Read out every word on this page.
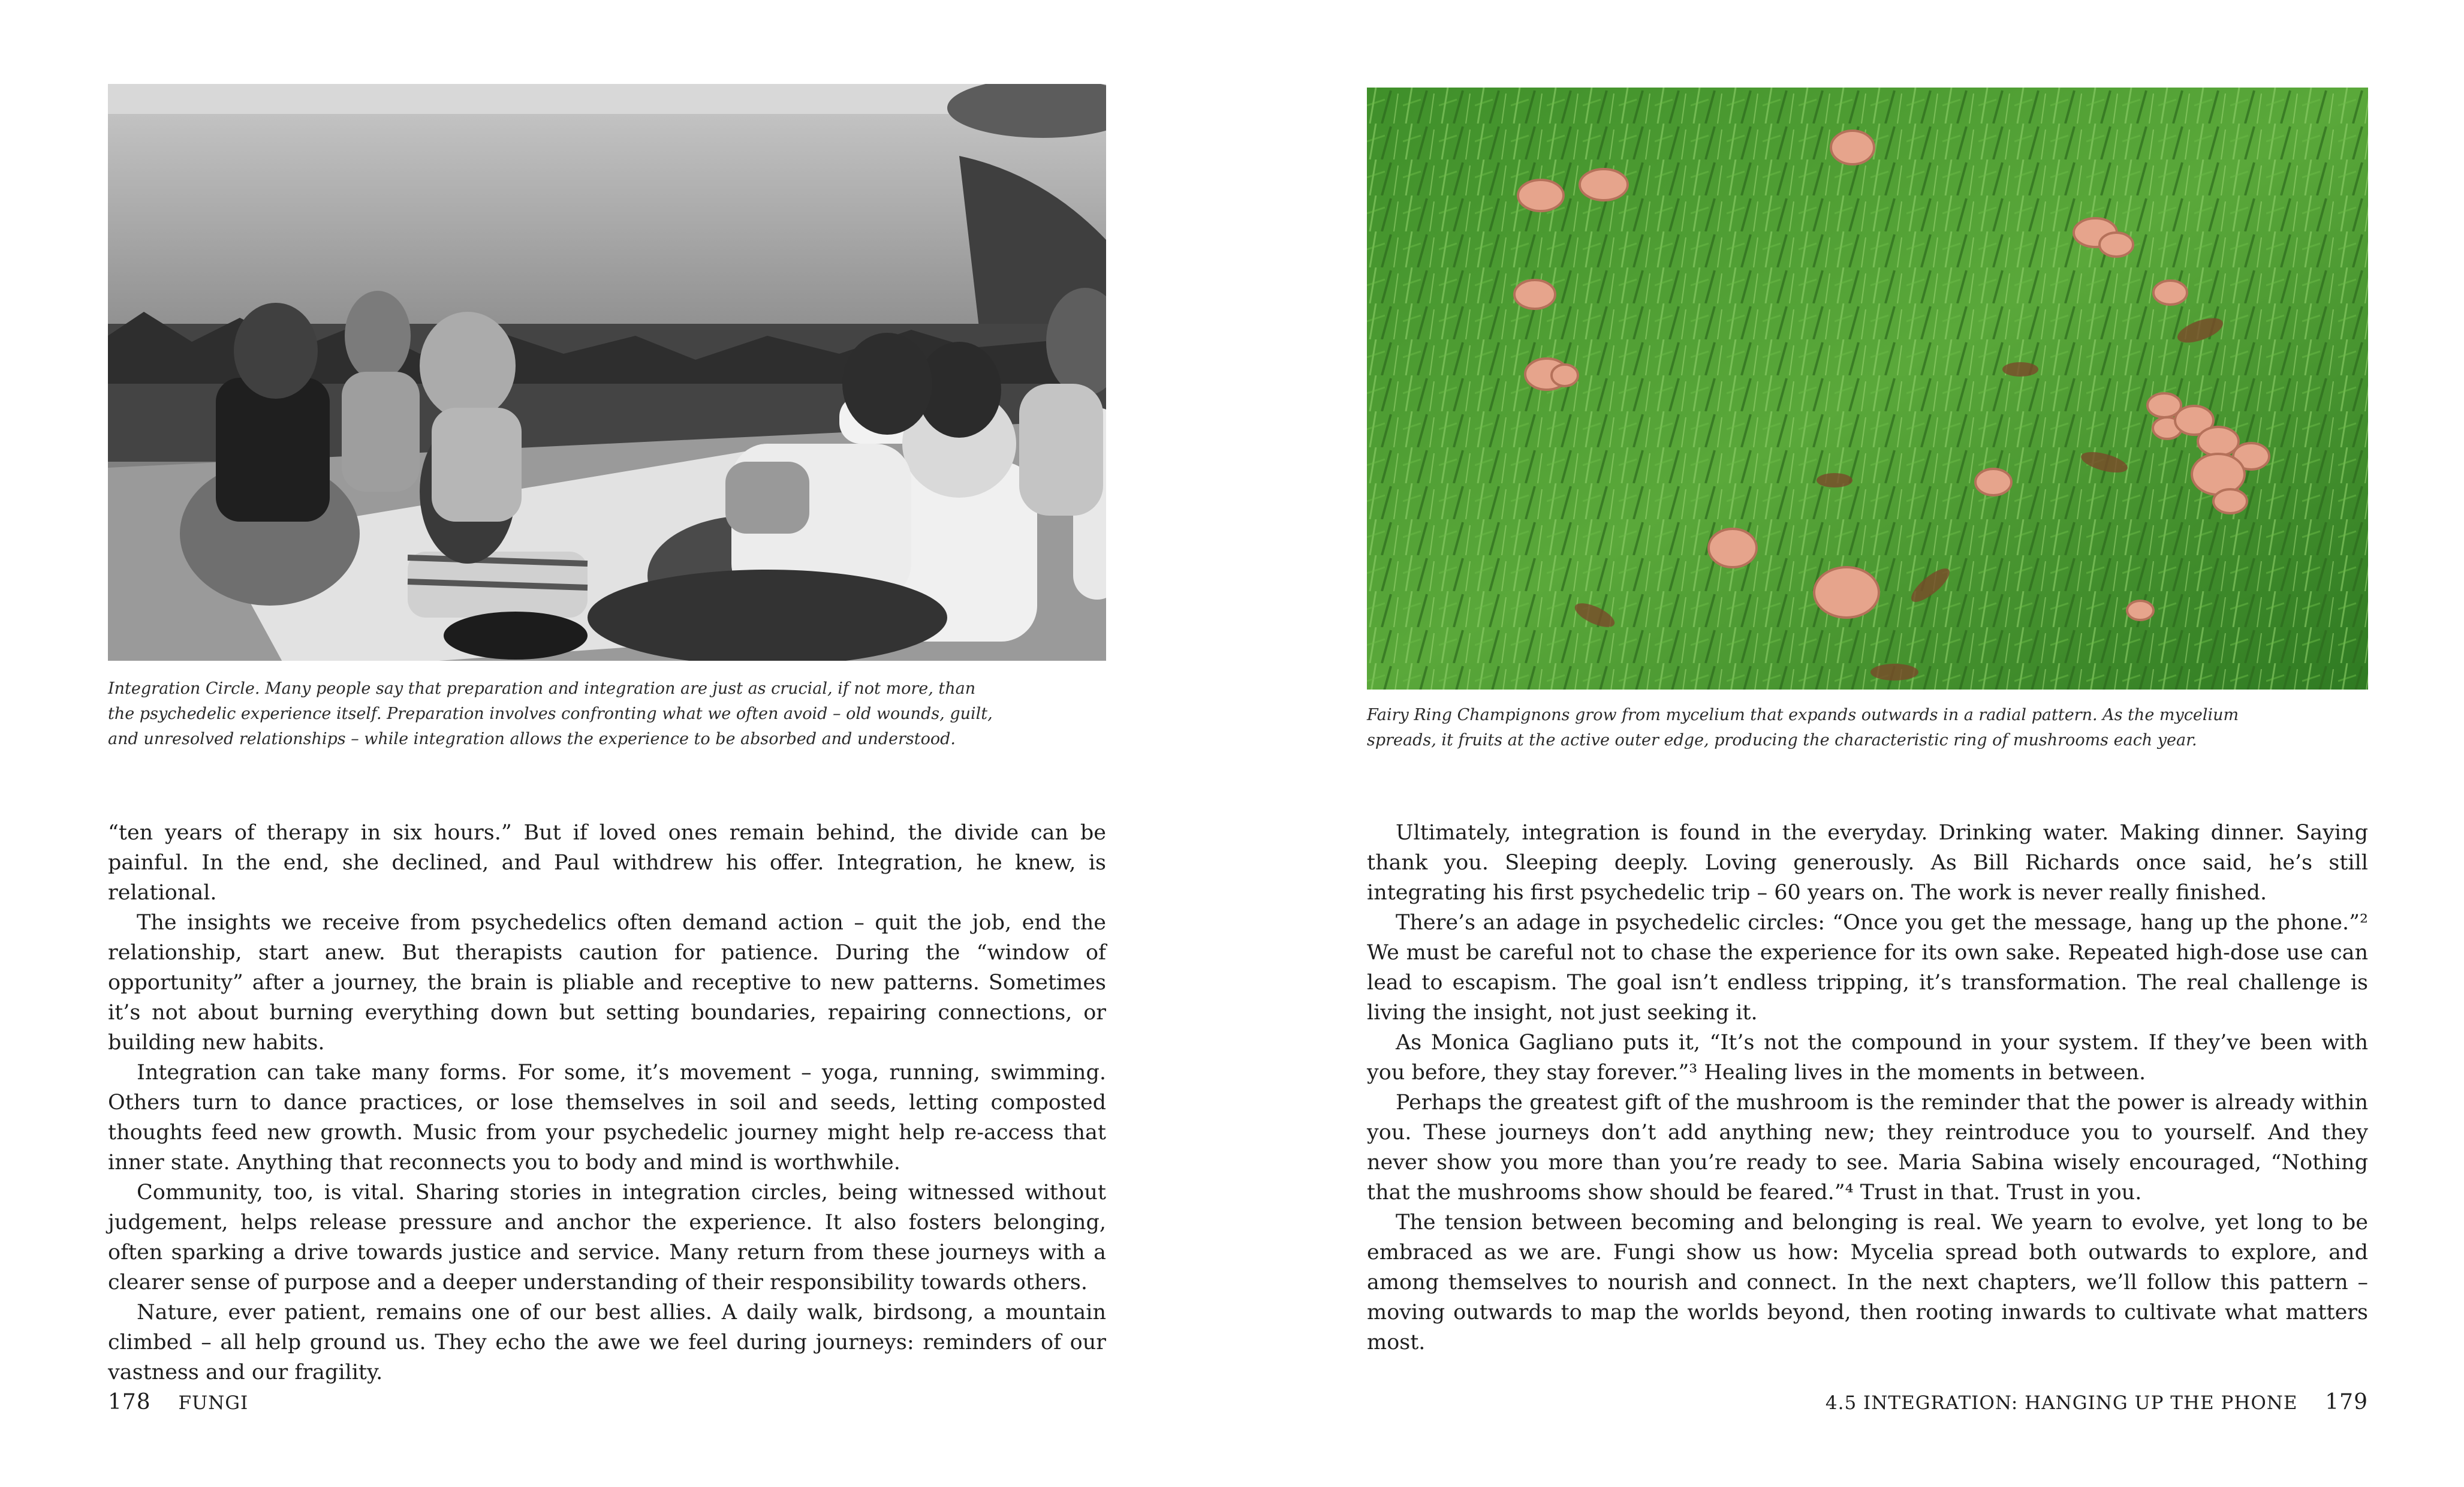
Integration Circle. Many people say that preparation and integration are just as crucial, if not more, than

the psychedelic experience itself. Preparation involves confronting what we often avoid – old wounds, guilt,

and unresolved relationships – while integration allows the experience to be absorbed and understood.

“ten years of therapy in six hours.” But if loved ones remain behind, the divide can be painful. In the end, she declined, and Paul withdrew his offer. Integration, he knew, is relational.

The insights we receive from psychedelics often demand action – quit the job, end the relationship, start anew. But therapists caution for patience. During the “window of opportunity” after a journey, the brain is pliable and receptive to new patterns. Sometimes it’s not about burning everything down but setting boundaries, repairing connections, or building new habits.

Integration can take many forms. For some, it’s movement – yoga, running, swimming. Others turn to dance practices, or lose themselves in soil and seeds, letting composted thoughts feed new growth. Music from your psychedelic journey might help re-access that inner state. Anything that reconnects you to body and mind is worthwhile.

Community, too, is vital. Sharing stories in integration circles, being witnessed without judgement, helps release pressure and anchor the experience. It also fosters belonging, often sparking a drive towards justice and service. Many return from these journeys with a clearer sense of purpose and a deeper understanding of their responsibility towards others.

Nature, ever patient, remains one of our best allies. A daily walk, birdsong, a mountain climbed – all help ground us. They echo the awe we feel during journeys: reminders of our vastness and our fragility.

178 FUNGI

Fairy Ring Champignons grow from mycelium that expands outwards in a radial pattern. As the mycelium

spreads, it fruits at the active outer edge, producing the characteristic ring of mushrooms each year.

Ultimately, integration is found in the everyday. Drinking water. Making dinner. Saying thank you. Sleeping deeply. Loving generously. As Bill Richards once said, he’s still integrating his first psychedelic trip – 60 years on. The work is never really finished.

There’s an adage in psychedelic circles: “Once you get the message, hang up the phone.”² We must be careful not to chase the experience for its own sake. Repeated high-dose use can lead to escapism. The goal isn’t endless tripping, it’s transformation. The real challenge is living the insight, not just seeking it.

As Monica Gagliano puts it, “It’s not the compound in your system. If they’ve been with you before, they stay forever.”³ Healing lives in the moments in between.

Perhaps the greatest gift of the mushroom is the reminder that the power is already within you. These journeys don’t add anything new; they reintroduce you to yourself. And they never show you more than you’re ready to see. Maria Sabina wisely encouraged, “Nothing that the mushrooms show should be feared.”⁴ Trust in that. Trust in you.

The tension between becoming and belonging is real. We yearn to evolve, yet long to be embraced as we are. Fungi show us how: Mycelia spread both outwards to explore, and among themselves to nourish and connect. In the next chapters, we’ll follow this pattern – moving outwards to map the worlds beyond, then rooting inwards to cultivate what matters most.

4.5 INTEGRATION: HANGING UP THE PHONE 179
